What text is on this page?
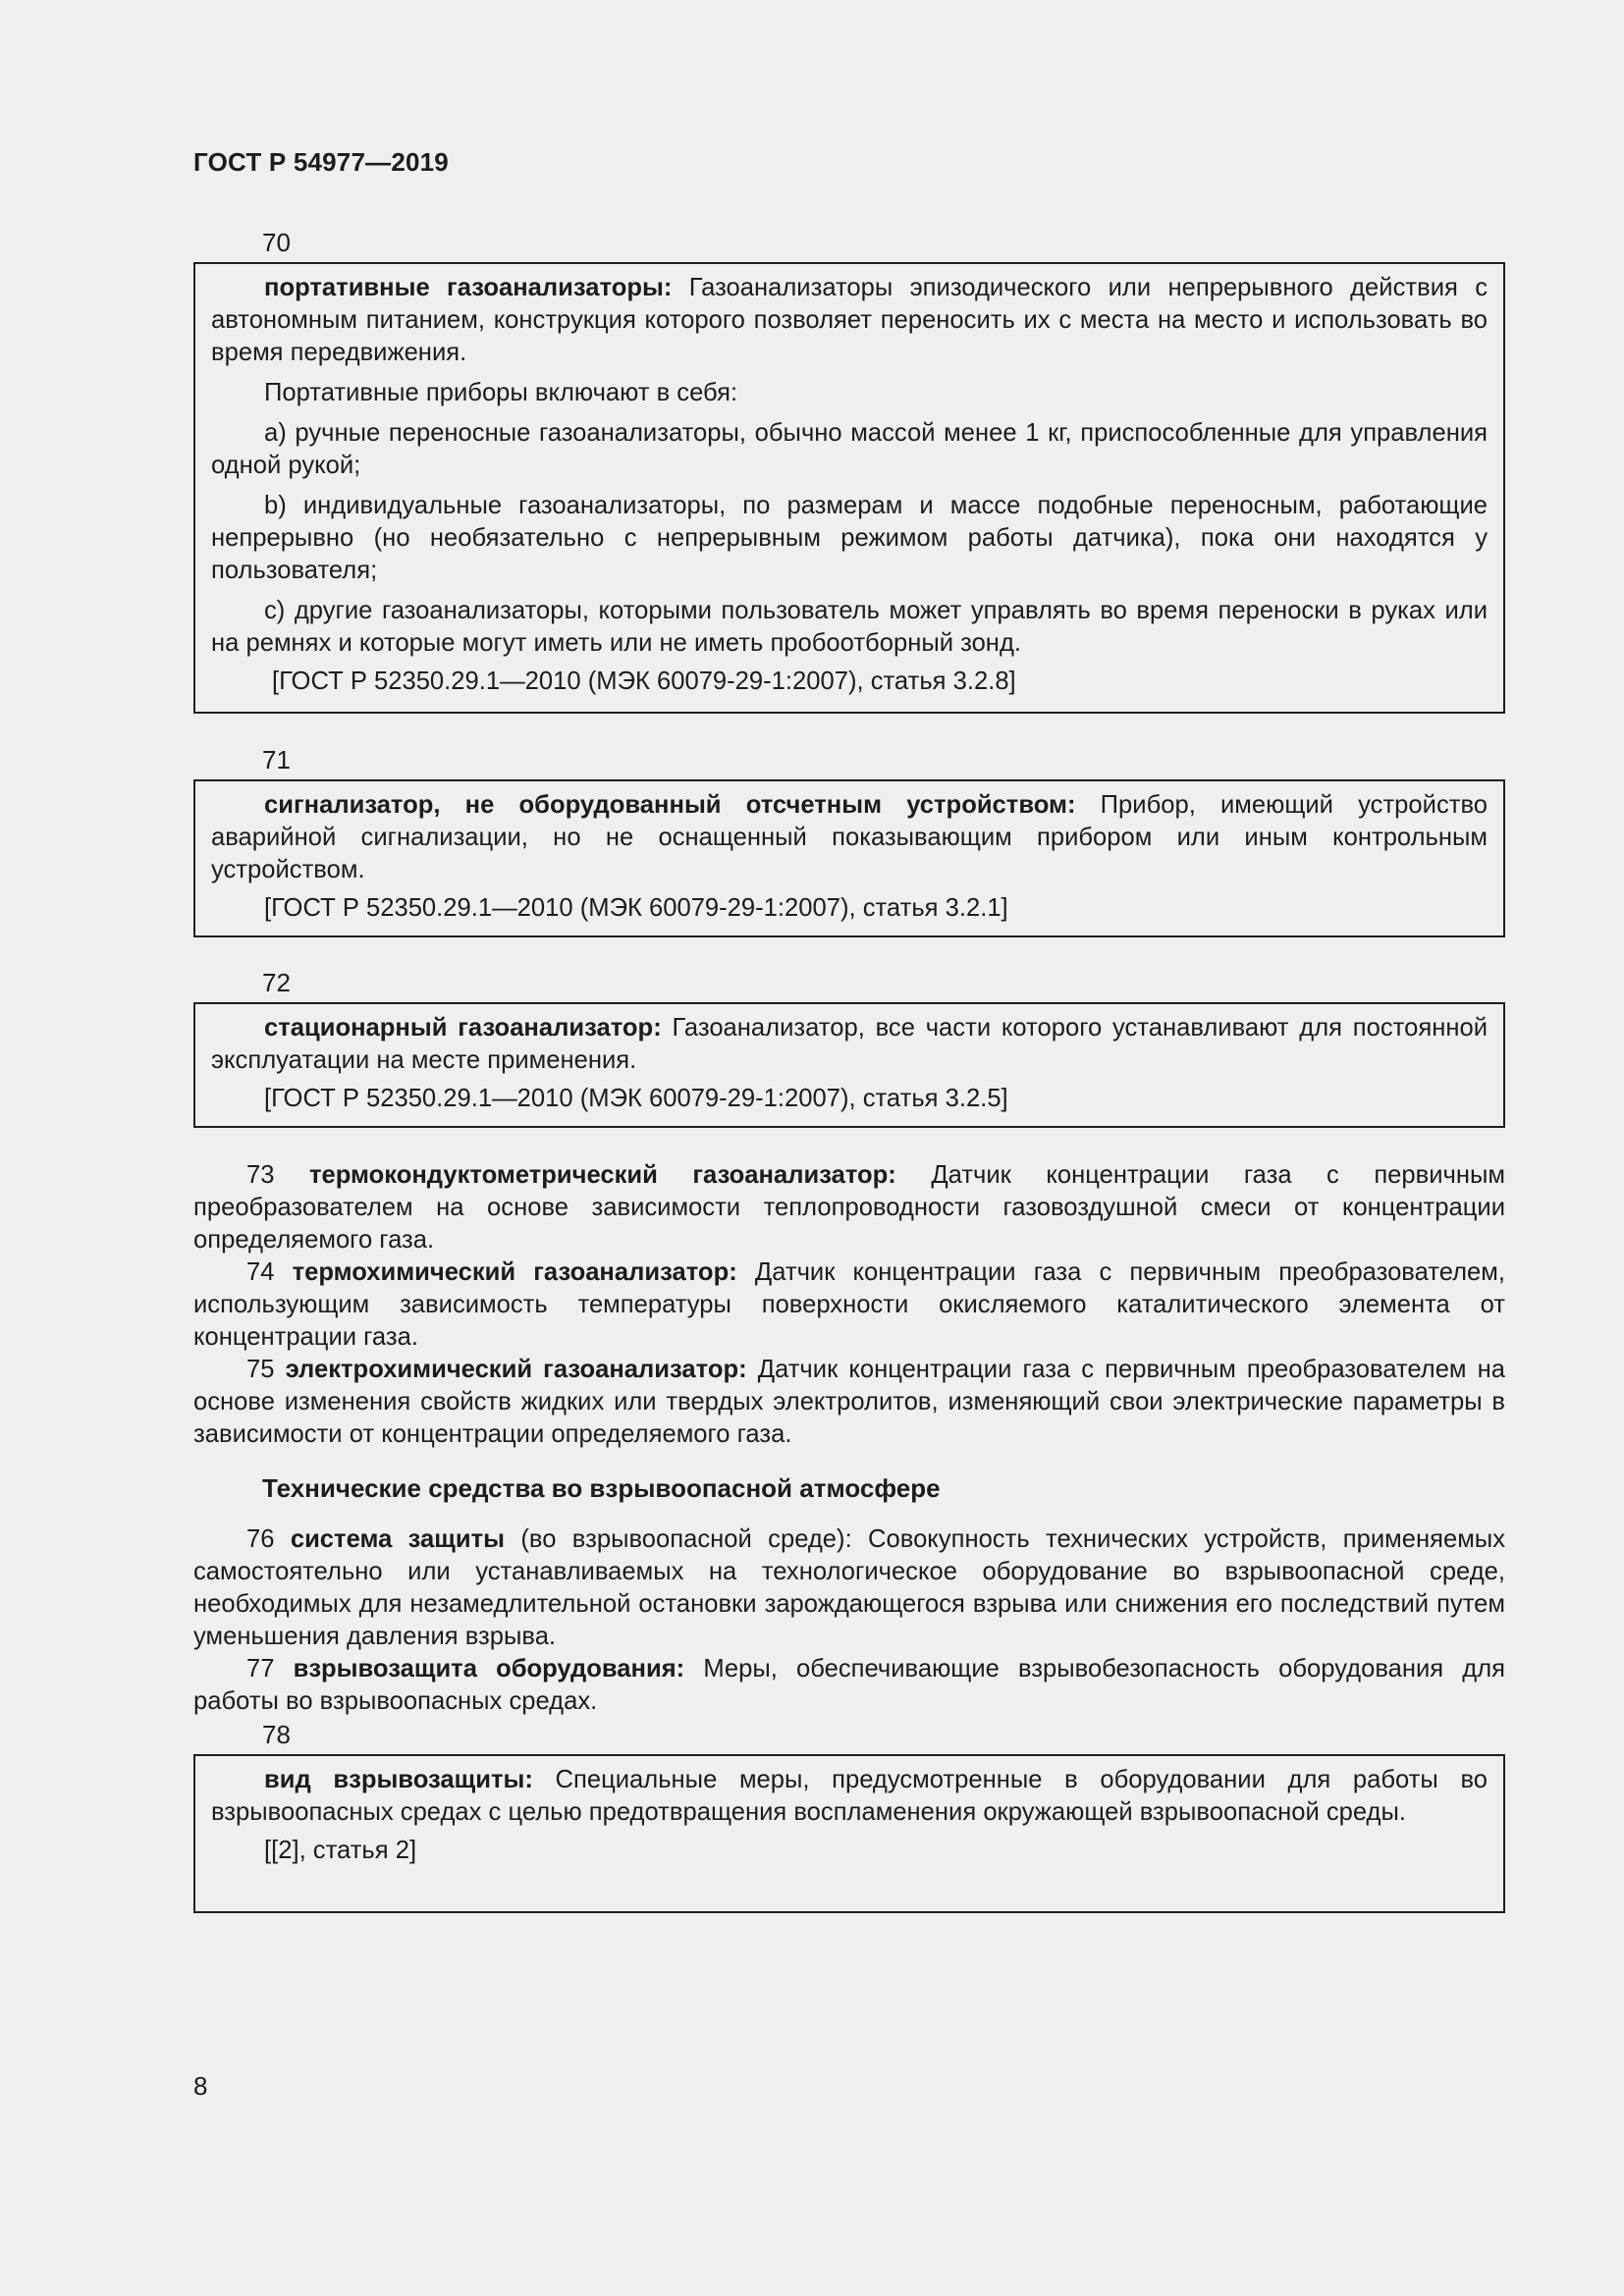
ГОСТ Р 54977—2019
70

портативные газоанализаторы: Газоанализаторы эпизодического или непрерывного действия с автономным питанием, конструкция которого позволяет переносить их с места на место и использовать во время передвижения.

Портативные приборы включают в себя:

а) ручные переносные газоанализаторы, обычно массой менее 1 кг, приспособленные для управления одной рукой;

b) индивидуальные газоанализаторы, по размерам и массе подобные переносным, работающие непрерывно (но необязательно с непрерывным режимом работы датчика), пока они находятся у пользователя;

c) другие газоанализаторы, которыми пользователь может управлять во время переноски в руках или на ремнях и которые могут иметь или не иметь пробоотборный зонд.

[ГОСТ Р 52350.29.1—2010 (МЭК 60079-29-1:2007), статья 3.2.8]

71

сигнализатор, не оборудованный отсчетным устройством: Прибор, имеющий устройство аварийной сигнализации, но не оснащенный показывающим прибором или иным контрольным устройством.

[ГОСТ Р 52350.29.1—2010 (МЭК 60079-29-1:2007), статья 3.2.1]

72

стационарный газоанализатор: Газоанализатор, все части которого устанавливают для постоянной эксплуатации на месте применения.

[ГОСТ Р 52350.29.1—2010 (МЭК 60079-29-1:2007), статья 3.2.5]

73 термокондуктометрический газоанализатор: Датчик концентрации газа с первичным преобразователем на основе зависимости теплопроводности газовоздушной смеси от концентрации определяемого газа.

74 термохимический газоанализатор: Датчик концентрации газа с первичным преобразователем, использующим зависимость температуры поверхности окисляемого каталитического элемента от концентрации газа.

75 электрохимический газоанализатор: Датчик концентрации газа с первичным преобразователем на основе изменения свойств жидких или твердых электролитов, изменяющий свои электрические параметры в зависимости от концентрации определяемого газа.

Технические средства во взрывоопасной атмосфере

76 система защиты (во взрывоопасной среде): Совокупность технических устройств, применяемых самостоятельно или устанавливаемых на технологическое оборудование во взрывоопасной среде, необходимых для незамедлительной остановки зарождающегося взрыва или снижения его последствий путем уменьшения давления взрыва.

77 взрывозащита оборудования: Меры, обеспечивающие взрывобезопасность оборудования для работы во взрывоопасных средах.

78

вид взрывозащиты: Специальные меры, предусмотренные в оборудовании для работы во взрывоопасных средах с целью предотвращения воспламенения окружающей взрывоопасной среды.

[[2], статья 2]

8
